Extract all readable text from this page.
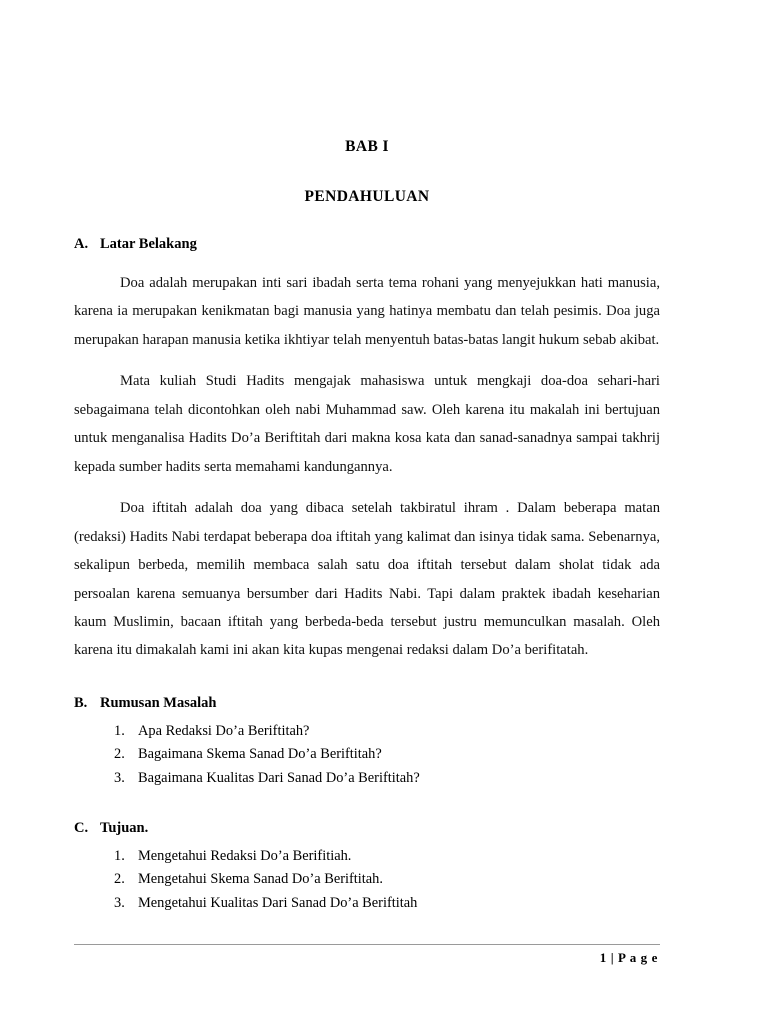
BAB I
PENDAHULUAN
A. Latar Belakang

Doa adalah merupakan inti sari ibadah serta tema rohani yang menyejukkan hati manusia, karena ia merupakan kenikmatan bagi manusia yang hatinya membatu dan telah pesimis. Doa juga merupakan harapan manusia ketika ikhtiyar telah menyentuh batas-batas langit hukum sebab akibat.

Mata kuliah Studi Hadits mengajak mahasiswa untuk mengkaji doa-doa sehari-hari sebagaimana telah dicontohkan oleh nabi Muhammad saw. Oleh karena itu makalah ini bertujuan untuk menganalisa Hadits Do’a Beriftitah dari makna kosa kata dan sanad-sanadnya sampai takhrij kepada sumber hadits serta memahami kandungannya.

Doa iftitah adalah doa yang dibaca setelah takbiratul ihram . Dalam beberapa matan (redaksi) Hadits Nabi terdapat beberapa doa iftitah yang kalimat dan isinya tidak sama. Sebenarnya, sekalipun berbeda, memilih membaca salah satu doa iftitah tersebut dalam sholat tidak ada persoalan karena semuanya bersumber dari Hadits Nabi. Tapi dalam praktek ibadah keseharian kaum Muslimin, bacaan iftitah yang berbeda-beda tersebut justru memunculkan masalah. Oleh karena itu dimakalah kami ini akan kita kupas mengenai redaksi dalam Do’a berifitatah.

B. Rumusan Masalah
1. Apa Redaksi Do’a Beriftitah?
2. Bagaimana Skema Sanad Do’a Beriftitah?
3. Bagaimana Kualitas Dari Sanad Do’a Beriftitah?
C. Tujuan.
1. Mengetahui Redaksi Do’a Berifitiah.
2. Mengetahui Skema Sanad Do’a Beriftitah.
3. Mengetahui Kualitas Dari Sanad Do’a Beriftitah
1 | P a g e
